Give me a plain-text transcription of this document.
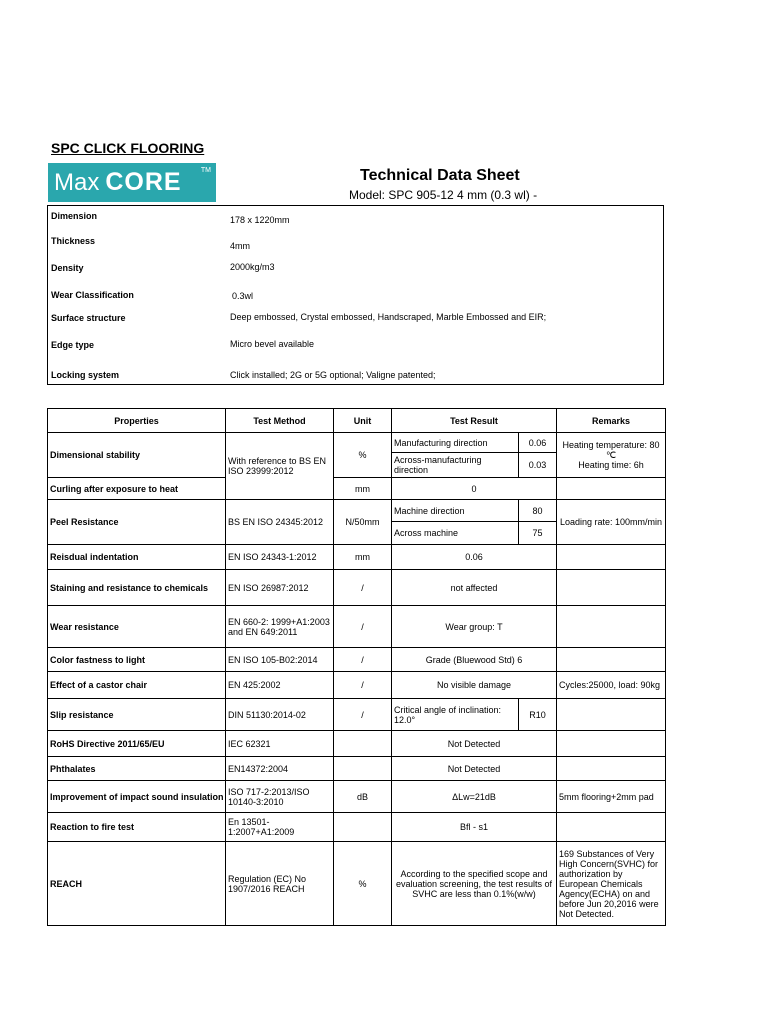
SPC CLICK FLOORING
Max CORE	TM	Technical Data Sheet
Model: SPC 905-12 4 mm (0.3 wl) -
Dimension	178 x 1220mm
Thickness	4mm
Density	2000kg/m3
Wear Classification	0.3wl
Surface structure	Deep embossed, Crystal embossed, Handscraped, Marble Embossed and EIR;
Edge type	Micro bevel available
Locking system	Click installed; 2G or 5G optional; Valigne patented;
Properties	Test Method	Unit	Test Result		Remarks
Dimensional stability	With reference to BS EN ISO 23999:2012	%	Manufacturing direction	0.06	Heating temperature: 80 ℃
Heating time: 6h

			Across-manufacturing direction	0.03	
Curling after exposure to heat		mm	0		
Peel Resistance	BS EN ISO 24345:2012	N/50mm	Machine direction	80	Loading rate: 100mm/min
			Across machine	75	
Reisdual indentation	EN ISO 24343-1:2012	mm	0.06		
Staining and resistance to chemicals	EN ISO 26987:2012	/	not affected		
Wear resistance	EN 660-2: 1999+A1:2003 and EN 649:2011	/	Wear group: T		
Color fastness to light	EN ISO 105-B02:2014	/	Grade (Bluewood Std) 6		
Effect of a castor chair	EN 425:2002	/	No visible damage		Cycles:25000, load: 90kg
Slip resistance	DIN 51130:2014-02	/	Critical angle of inclination: 12.0°	R10	
RoHS Directive 2011/65/EU	IEC 62321		Not Detected		
Phthalates	EN14372:2004		Not Detected		
Improvement of impact sound insulation	ISO 717-2:2013/ISO 10140-3:2010	dB	ΔLw=21dB		5mm flooring+2mm pad
Reaction to fire test	En 13501-1:2007+A1:2009		Bfl - s1		
REACH	Regulation (EC) No 1907/2016 REACH	%	According to the specified scope and evaluation screening, the test results of SVHC are less than 0.1%(w/w)		169 Substances of Very High Concern(SVHC) for authorization by European Chemicals Agency(ECHA) on and before Jun 20,2016 were Not Detected.
